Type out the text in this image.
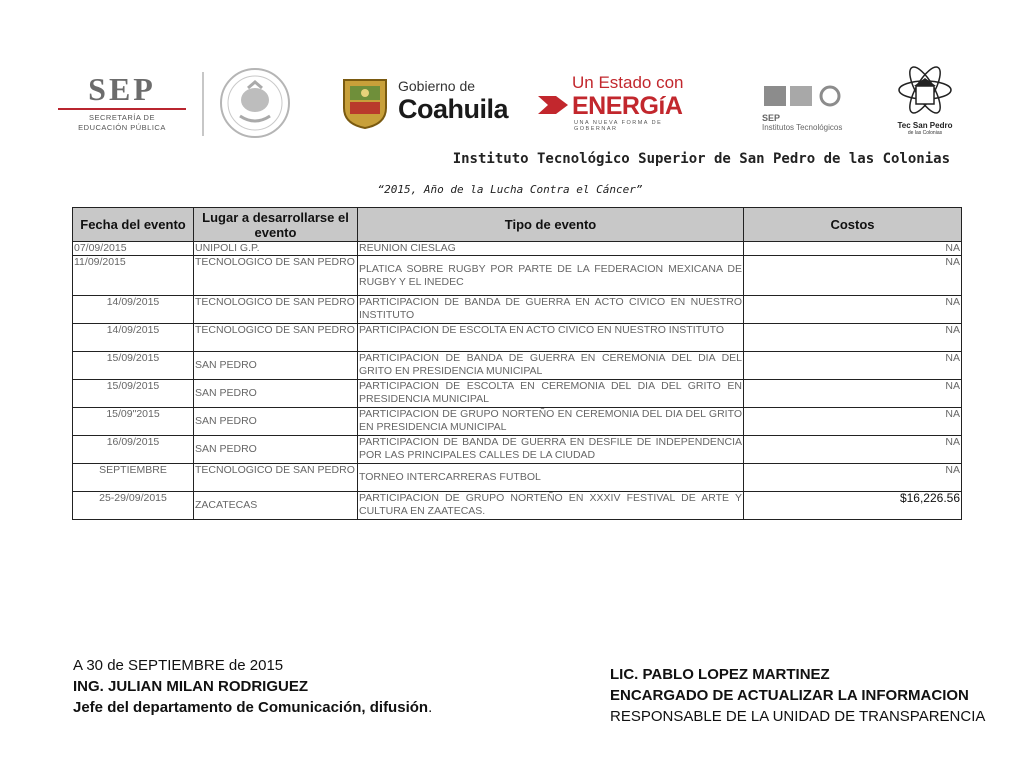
SEP
SECRETARÍA DE
EDUCACIÓN PÚBLICA
Gobierno de
Coahuila
Un Estado con
ENERGíA
UNA NUEVA FORMA DE GOBERNAR
SEP
Institutos Tecnológicos	Tec San Pedro
de las Colonias
Instituto Tecnológico Superior de San Pedro de las Colonias
“2015, Año de la Lucha Contra el Cáncer”
Fecha del evento	Lugar a desarrollarse el evento	Tipo de evento	Costos
07/09/2015	UNIPOLI G.P.	REUNION CIESLAG	NA
11/09/2015	TECNOLOGICO DE SAN PEDRO	PLATICA SOBRE RUGBY POR PARTE DE LA FEDERACION MEXICANA DE RUGBY Y EL INEDEC	NA
14/09/2015	TECNOLOGICO DE SAN PEDRO	PARTICIPACION DE BANDA DE GUERRA EN ACTO CIVICO EN NUESTRO INSTITUTO	NA
14/09/2015	TECNOLOGICO DE SAN PEDRO	PARTICIPACION DE ESCOLTA EN ACTO CIVICO EN NUESTRO INSTITUTO	NA
15/09/2015	SAN PEDRO	PARTICIPACION DE BANDA DE GUERRA EN CEREMONIA DEL DIA DEL GRITO EN PRESIDENCIA MUNICIPAL	NA
15/09/2015	SAN PEDRO	PARTICIPACION DE ESCOLTA EN CEREMONIA DEL DIA DEL GRITO EN PRESIDENCIA MUNICIPAL	NA
15/09"2015	SAN PEDRO	PARTICIPACION DE GRUPO NORTEÑO EN CEREMONIA DEL DIA DEL GRITO EN PRESIDENCIA MUNICIPAL	NA
16/09/2015	SAN PEDRO	PARTICIPACION DE BANDA DE GUERRA EN DESFILE DE INDEPENDENCIA POR LAS PRINCIPALES CALLES DE LA CIUDAD	NA
SEPTIEMBRE	TECNOLOGICO DE SAN PEDRO	TORNEO INTERCARRERAS FUTBOL	NA
25-29/09/2015	ZACATECAS	PARTICIPACION DE GRUPO NORTEÑO EN XXXIV FESTIVAL DE ARTE Y CULTURA EN ZAATECAS.	$16,226.56
A 30 de SEPTIEMBRE de 2015
ING. JULIAN MILAN RODRIGUEZ
Jefe del departamento de Comunicación, difusión.
LIC. PABLO LOPEZ MARTINEZ
ENCARGADO DE ACTUALIZAR LA INFORMACION
RESPONSABLE DE LA UNIDAD DE TRANSPARENCIA
